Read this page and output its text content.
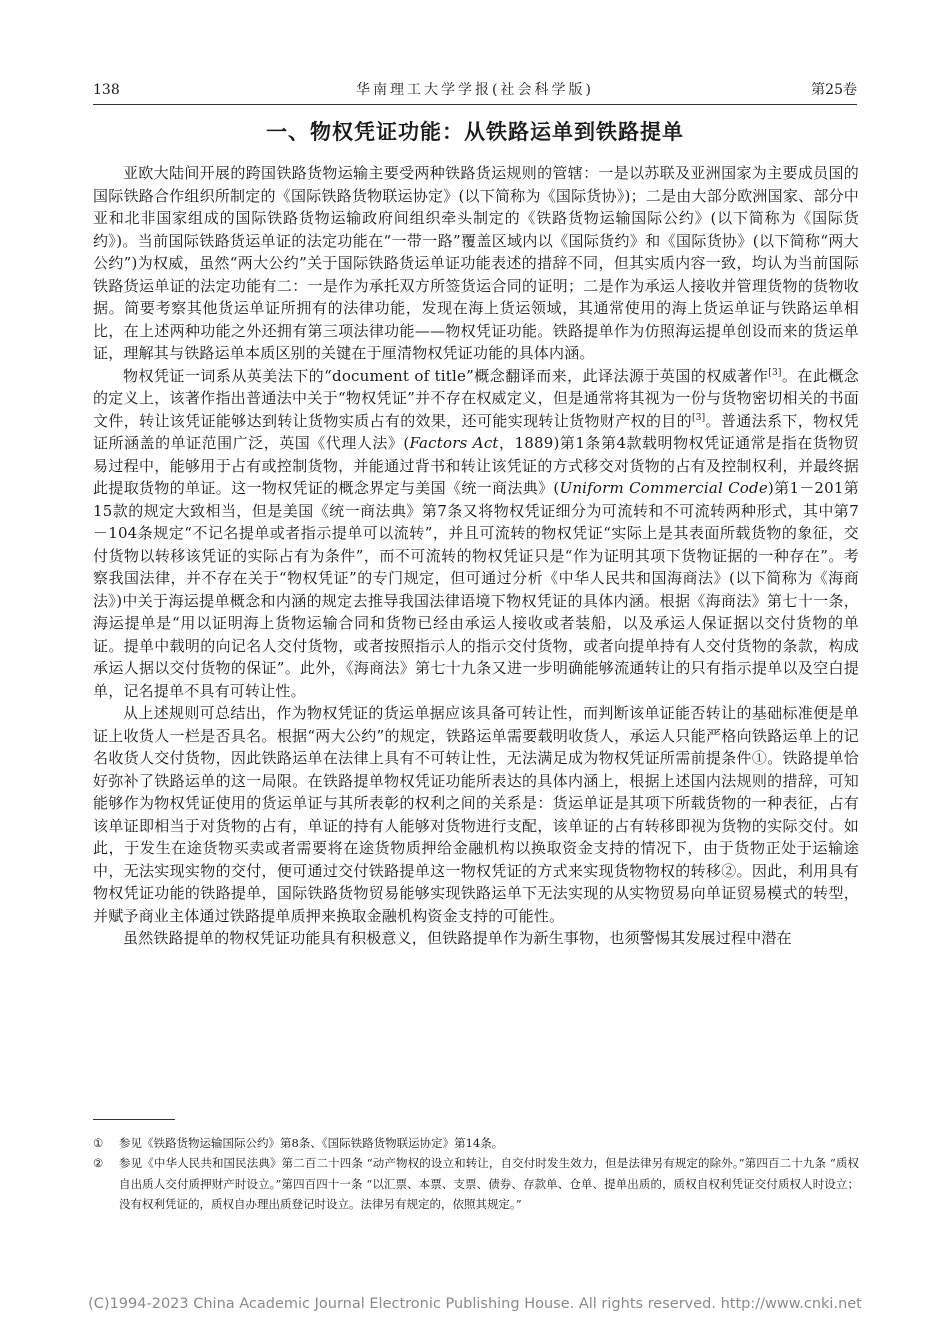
138	华南理工大学学报(社会科学版)	第25卷
一、物权凭证功能：从铁路运单到铁路提单

亚欧大陆间开展的跨国铁路货物运输主要受两种铁路货运规则的管辖：一是以苏联及亚洲国家为主要成员国的国际铁路合作组织所制定的《国际铁路货物联运协定》(以下简称为《国际货协》)；二是由大部分欧洲国家、部分中亚和北非国家组成的国际铁路货物运输政府间组织牵头制定的《铁路货物运输国际公约》(以下简称为《国际货约》)。当前国际铁路货运单证的法定功能在“一带一路”覆盖区域内以《国际货约》和《国际货协》(以下简称“两大公约”)为权威，虽然“两大公约”关于国际铁路货运单证功能表述的措辞不同，但其实质内容一致，均认为当前国际铁路货运单证的法定功能有二：一是作为承托双方所签货运合同的证明；二是作为承运人接收并管理货物的货物收据。简要考察其他货运单证所拥有的法律功能，发现在海上货运领域，其通常使用的海上货运单证与铁路运单相比，在上述两种功能之外还拥有第三项法律功能——物权凭证功能。铁路提单作为仿照海运提单创设而来的货运单证，理解其与铁路运单本质区别的关键在于厘清物权凭证功能的具体内涵。

物权凭证一词系从英美法下的“document of title”概念翻译而来，此译法源于英国的权威著作[3]。在此概念的定义上，该著作指出普通法中关于“物权凭证”并不存在权威定义，但是通常将其视为一份与货物密切相关的书面文件，转让该凭证能够达到转让货物实质占有的效果，还可能实现转让货物财产权的目的[3]。普通法系下，物权凭证所涵盖的单证范围广泛，英国《代理人法》(Factors Act，1889)第1条第4款载明物权凭证通常是指在货物贸易过程中，能够用于占有或控制货物，并能通过背书和转让该凭证的方式移交对货物的占有及控制权利，并最终据此提取货物的单证。这一物权凭证的概念界定与美国《统一商法典》(Uniform Commercial Code)第1－201第15款的规定大致相当，但是美国《统一商法典》第7条又将物权凭证细分为可流转和不可流转两种形式，其中第7－104条规定“不记名提单或者指示提单可以流转”，并且可流转的物权凭证“实际上是其表面所载货物的象征，交付货物以转移该凭证的实际占有为条件”，而不可流转的物权凭证只是“作为证明其项下货物证据的一种存在”。考察我国法律，并不存在关于“物权凭证”的专门规定，但可通过分析《中华人民共和国海商法》(以下简称为《海商法》)中关于海运提单概念和内涵的规定去推导我国法律语境下物权凭证的具体内涵。根据《海商法》第七十一条，海运提单是“用以证明海上货物运输合同和货物已经由承运人接收或者装船，以及承运人保证据以交付货物的单证。提单中载明的向记名人交付货物，或者按照指示人的指示交付货物，或者向提单持有人交付货物的条款，构成承运人据以交付货物的保证”。此外，《海商法》第七十九条又进一步明确能够流通转让的只有指示提单以及空白提单，记名提单不具有可转让性。

从上述规则可总结出，作为物权凭证的货运单据应该具备可转让性，而判断该单证能否转让的基础标准便是单证上收货人一栏是否具名。根据“两大公约”的规定，铁路运单需要载明收货人，承运人只能严格向铁路运单上的记名收货人交付货物，因此铁路运单在法律上具有不可转让性，无法满足成为物权凭证所需前提条件①。铁路提单恰好弥补了铁路运单的这一局限。在铁路提单物权凭证功能所表达的具体内涵上，根据上述国内法规则的措辞，可知能够作为物权凭证使用的货运单证与其所表彰的权利之间的关系是：货运单证是其项下所载货物的一种表征，占有该单证即相当于对货物的占有，单证的持有人能够对货物进行支配，该单证的占有转移即视为货物的实际交付。如此，于发生在途货物买卖或者需要将在途货物质押给金融机构以换取资金支持的情况下，由于货物正处于运输途中，无法实现实物的交付，便可通过交付铁路提单这一物权凭证的方式来实现货物物权的转移②。因此，利用具有物权凭证功能的铁路提单，国际铁路货物贸易能够实现铁路运单下无法实现的从实物贸易向单证贸易模式的转型，并赋予商业主体通过铁路提单质押来换取金融机构资金支持的可能性。

虽然铁路提单的物权凭证功能具有积极意义，但铁路提单作为新生事物，也须警惕其发展过程中潜在

① 参见《铁路货物运输国际公约》第8条、《国际铁路货物联运协定》第14条。
② 参见《中华人民共和国民法典》第二百二十四条 “动产物权的设立和转让，自交付时发生效力，但是法律另有规定的除外。”第四百二十九条 “质权自出质人交付质押财产时设立。”第四百四十一条 “以汇票、本票、支票、债券、存款单、仓单、提单出质的，质权自权利凭证交付质权人时设立；没有权利凭证的，质权自办理出质登记时设立。法律另有规定的，依照其规定。”
(C)1994-2023 China Academic Journal Electronic Publishing House. All rights reserved. http://www.cnki.net
